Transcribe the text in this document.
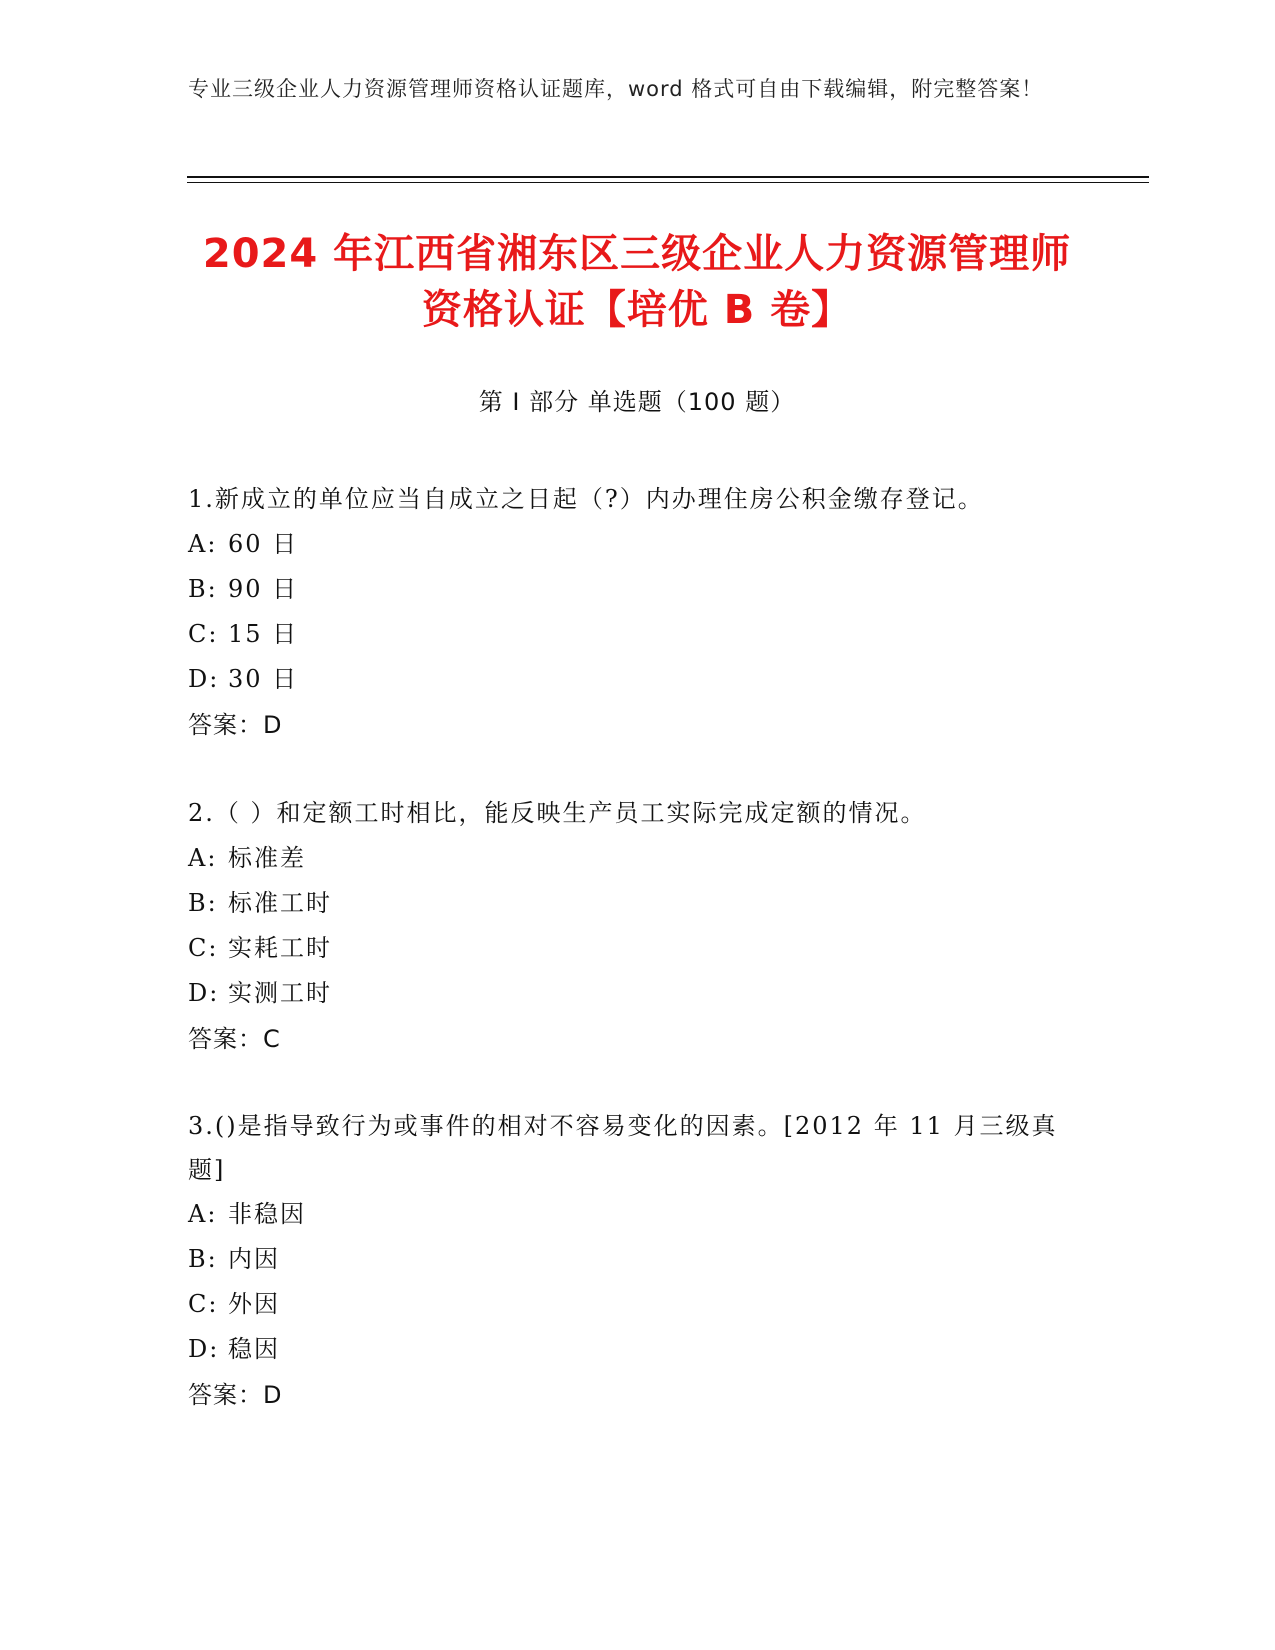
专业三级企业人力资源管理师资格认证题库，word 格式可自由下载编辑，附完整答案！
2024 年江西省湘东区三级企业人力资源管理师资格认证【培优 B 卷】
第 I 部分 单选题（100 题）
1.新成立的单位应当自成立之日起（?）内办理住房公积金缴存登记。
A: 60 日
B: 90 日
C: 15 日
D: 30 日
答案：D
2.（ ）和定额工时相比，能反映生产员工实际完成定额的情况。
A: 标准差
B: 标准工时
C: 实耗工时
D: 实测工时
答案：C
3.()是指导致行为或事件的相对不容易变化的因素。[2012 年 11 月三级真题]
A: 非稳因
B: 内因
C: 外因
D: 稳因
答案：D
